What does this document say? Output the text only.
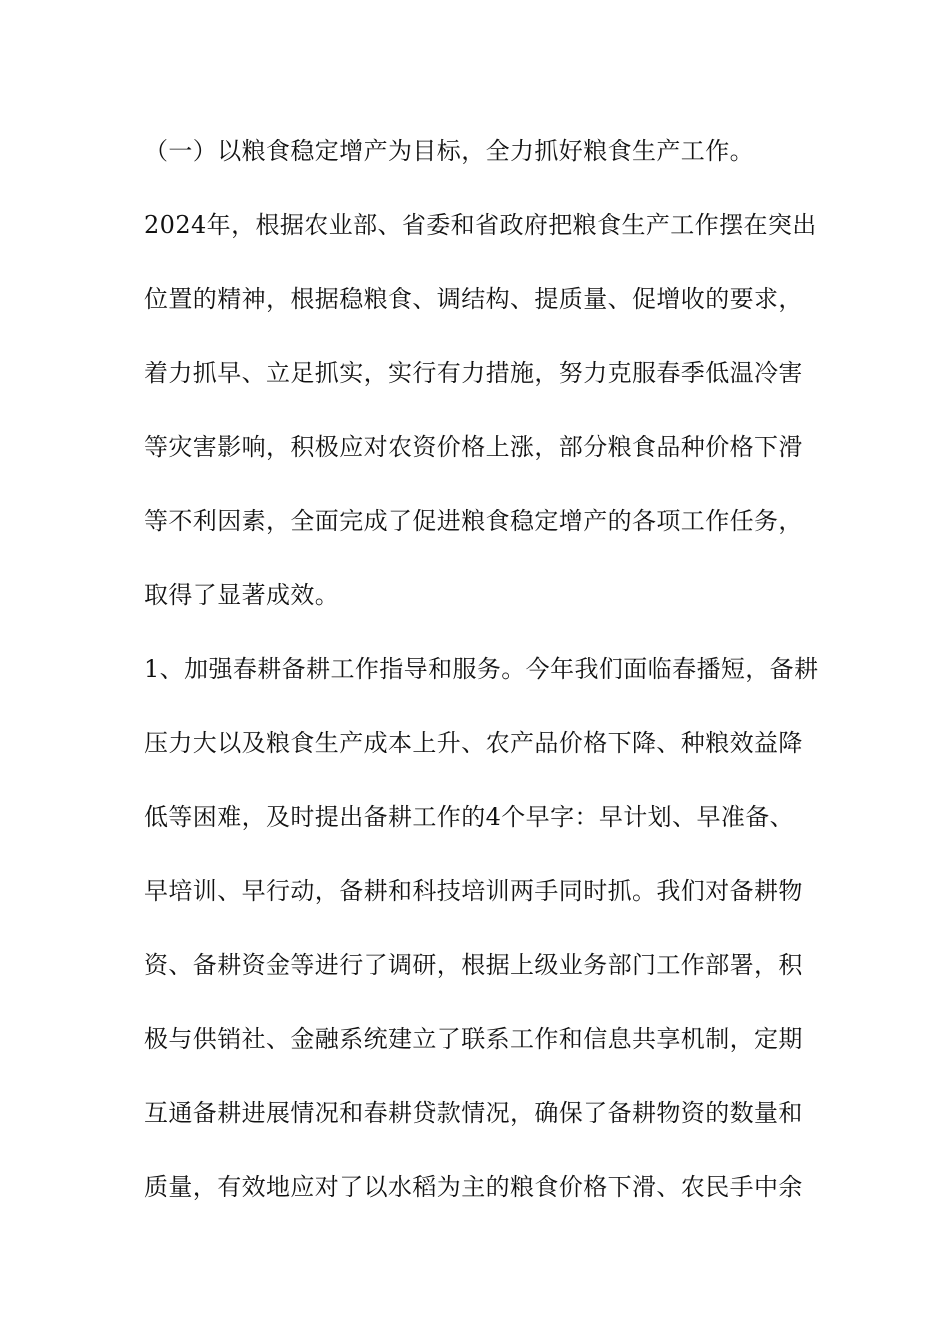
（一）以粮食稳定增产为目标，全力抓好粮食生产工作。

2024年，根据农业部、省委和省政府把粮食生产工作摆在突出

位置的精神，根据稳粮食、调结构、提质量、促增收的要求，

着力抓早、立足抓实，实行有力措施，努力克服春季低温冷害

等灾害影响，积极应对农资价格上涨，部分粮食品种价格下滑

等不利因素，全面完成了促进粮食稳定增产的各项工作任务，

取得了显著成效。

1、加强春耕备耕工作指导和服务。今年我们面临春播短，备耕

压力大以及粮食生产成本上升、农产品价格下降、种粮效益降

低等困难，及时提出备耕工作的4个早字：早计划、早准备、

早培训、早行动，备耕和科技培训两手同时抓。我们对备耕物

资、备耕资金等进行了调研，根据上级业务部门工作部署，积

极与供销社、金融系统建立了联系工作和信息共享机制，定期

互通备耕进展情况和春耕贷款情况，确保了备耕物资的数量和

质量，有效地应对了以水稻为主的粮食价格下滑、农民手中余
